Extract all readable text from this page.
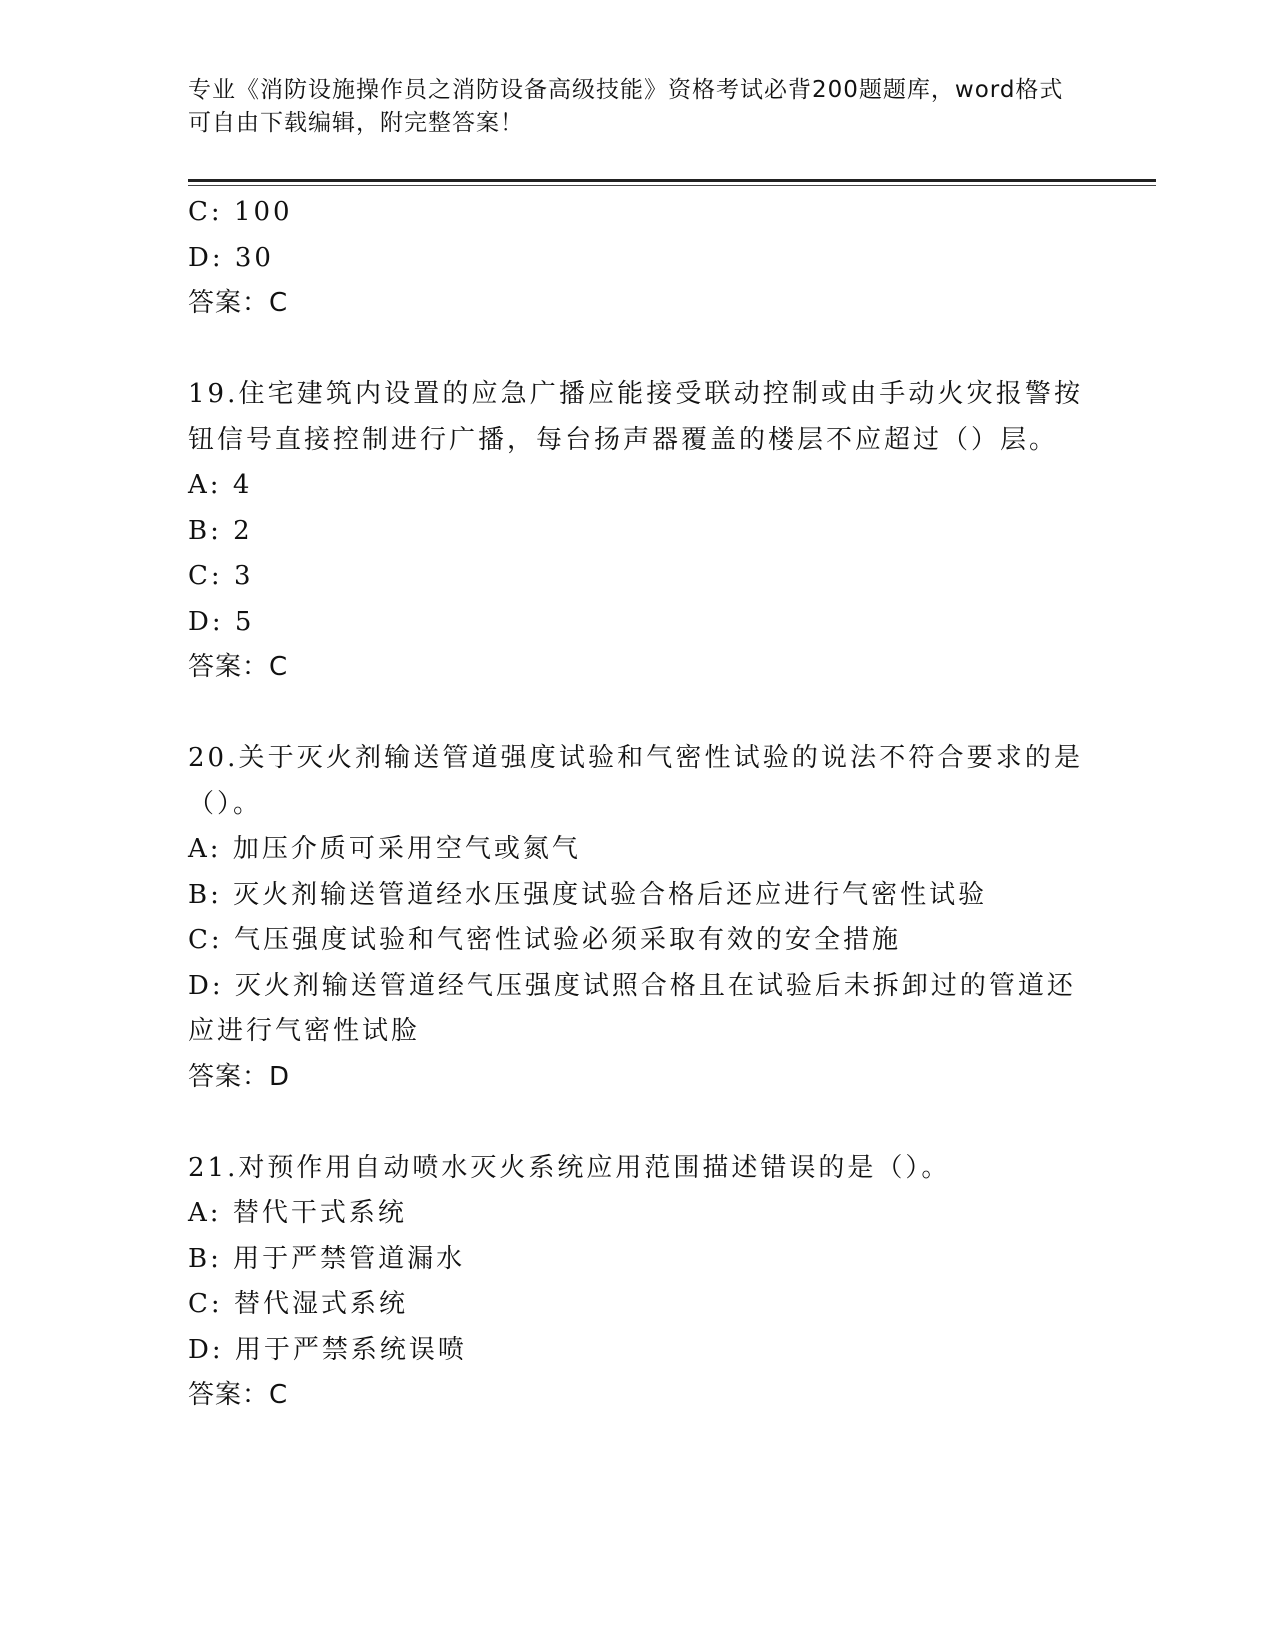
专业《消防设施操作员之消防设备高级技能》资格考试必背200题题库，word格式可自由下载编辑，附完整答案！
C: 100
D: 30
答案：C
19.住宅建筑内设置的应急广播应能接受联动控制或由手动火灾报警按钮信号直接控制进行广播，每台扬声器覆盖的楼层不应超过（）层。
A: 4
B: 2
C: 3
D: 5
答案：C
20.关于灭火剂输送管道强度试验和气密性试验的说法不符合要求的是（）。
A: 加压介质可采用空气或氮气
B: 灭火剂输送管道经水压强度试验合格后还应进行气密性试验
C: 气压强度试验和气密性试验必须采取有效的安全措施
D: 灭火剂输送管道经气压强度试照合格且在试验后未拆卸过的管道还应进行气密性试脸
答案：D
21.对预作用自动喷水灭火系统应用范围描述错误的是（）。
A: 替代干式系统
B: 用于严禁管道漏水
C: 替代湿式系统
D: 用于严禁系统误喷
答案：C
